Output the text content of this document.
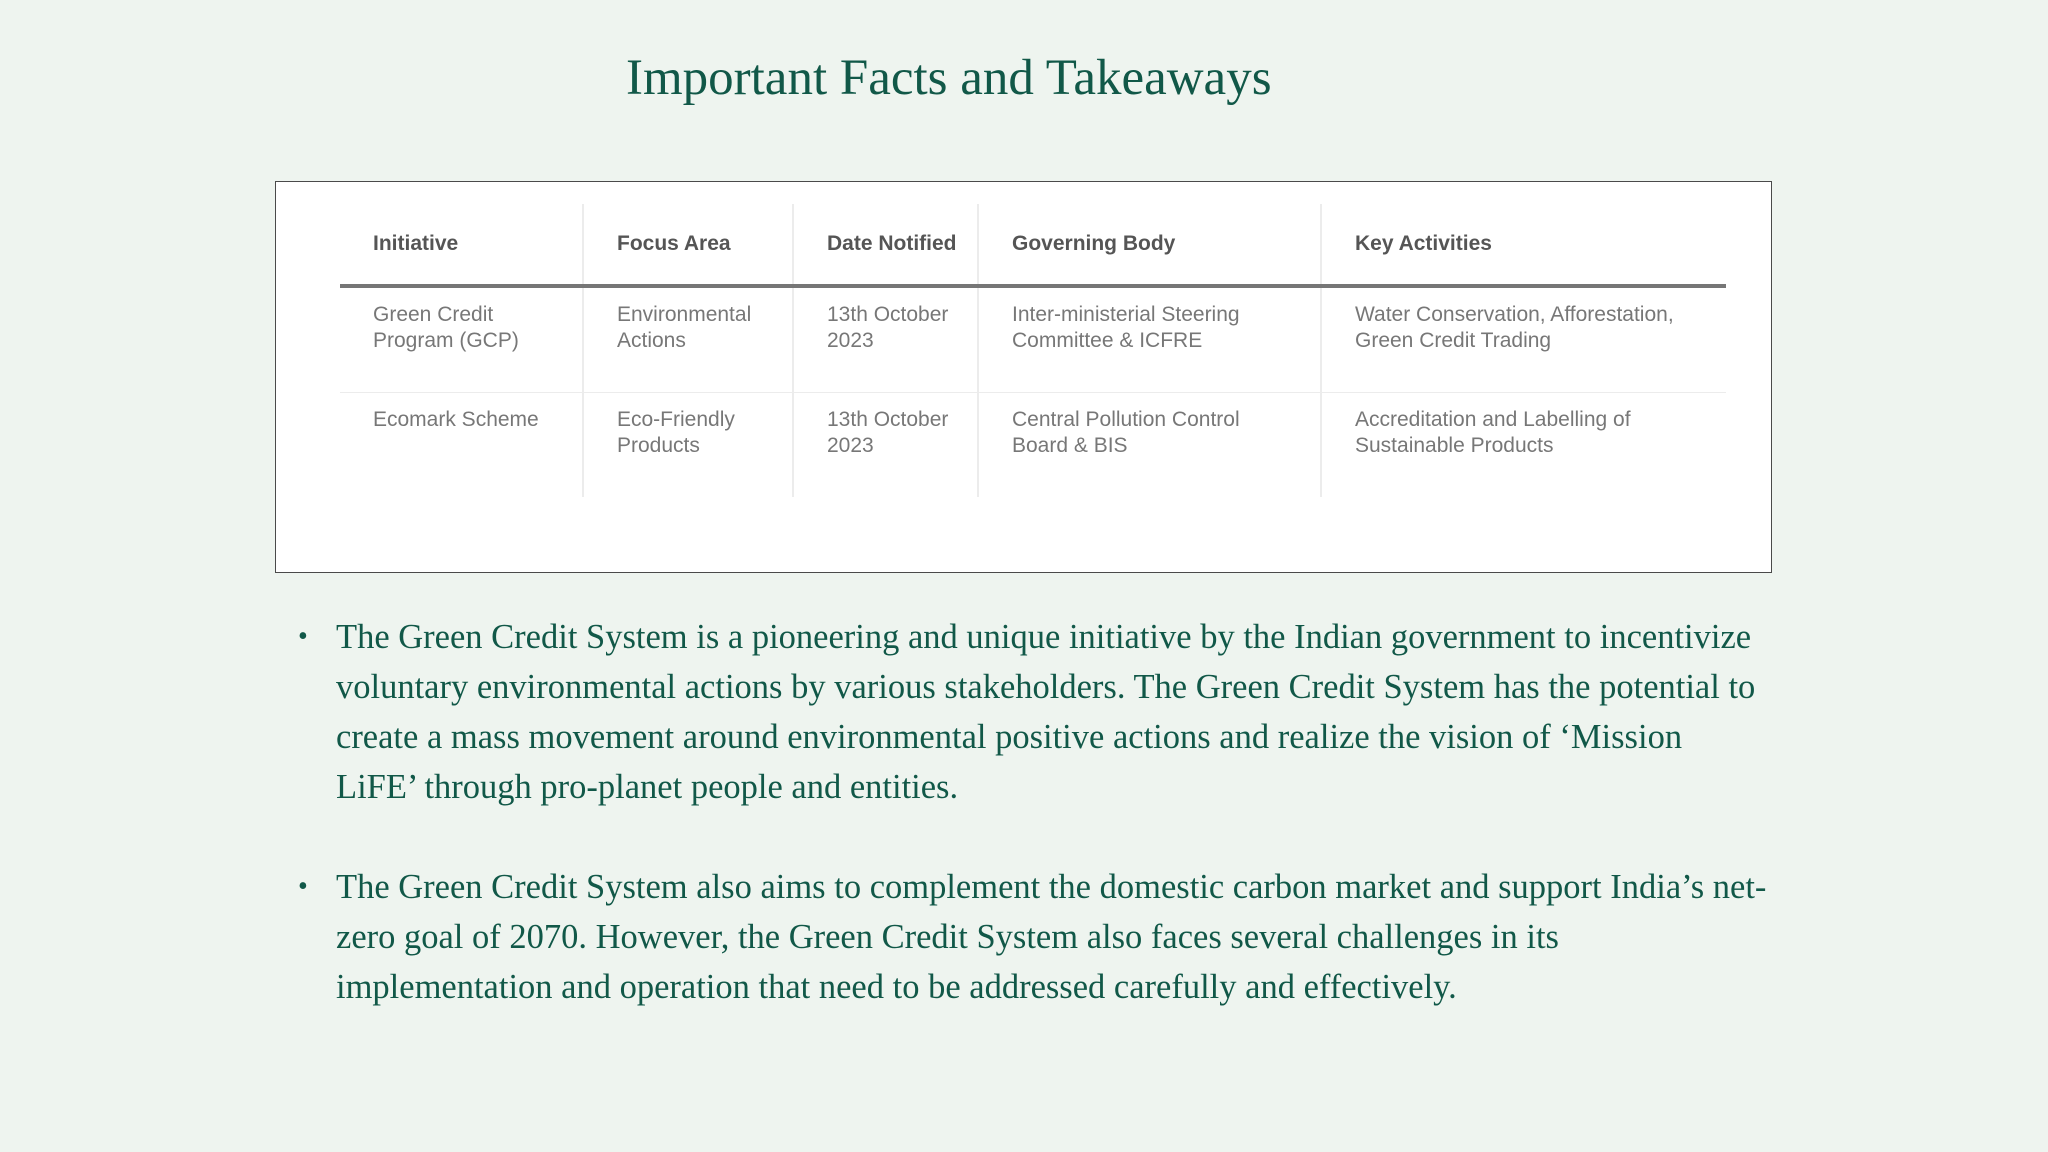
Important Facts and Takeaways
Initiative	Focus Area	Date Notified	Governing Body	Key Activities
Green Credit Program (GCP)	Environmental Actions	13th October 2023	Inter-ministerial Steering Committee & ICFRE	Water Conservation, Afforestation, Green Credit Trading
Ecomark Scheme	Eco-Friendly Products	13th October 2023	Central Pollution Control Board & BIS	Accreditation and Labelling of Sustainable Products
• The Green Credit System is a pioneering and unique initiative by the Indian government to incentivize voluntary environmental actions by various stakeholders. The Green Credit System has the potential to create a mass movement around environmental positive actions and realize the vision of ‘Mission LiFE’ through pro-planet people and entities.
• The Green Credit System also aims to complement the domestic carbon market and support India’s net-zero goal of 2070. However, the Green Credit System also faces several challenges in its implementation and operation that need to be addressed carefully and effectively.
